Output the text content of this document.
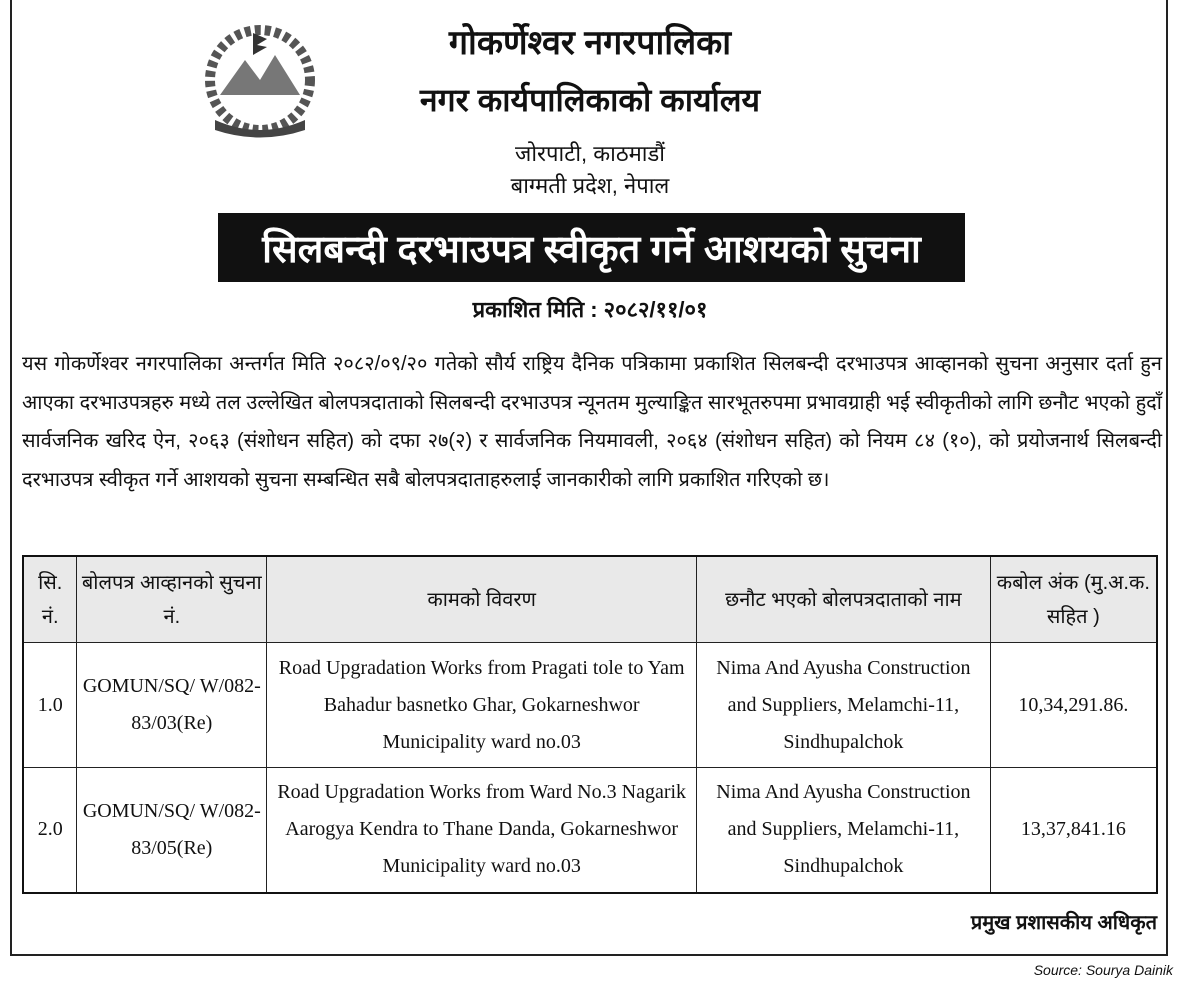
गोकर्णेश्वर नगरपालिका
नगर कार्यपालिकाको कार्यालय
जोरपाटी, काठमाडौं
बाग्मती प्रदेश, नेपाल
सिलबन्दी दरभाउपत्र स्वीकृत गर्ने आशयको सुचना
प्रकाशित मिति : २०८२/११/०१
यस गोकर्णेश्वर नगरपालिका अन्तर्गत मिति २०८२/०९/२० गतेको सौर्य राष्ट्रिय दैनिक पत्रिकामा प्रकाशित सिलबन्दी दरभाउपत्र आव्हानको सुचना अनुसार दर्ता हुन आएका दरभाउपत्रहरु मध्ये तल उल्लेखित बोलपत्रदाताको सिलबन्दी दरभाउपत्र न्यूनतम मुल्याङ्कित सारभूतरुपमा प्रभावग्राही भई स्वीकृतीको लागि छनौट भएको हुदाँ सार्वजनिक खरिद ऐन, २०६३ (संशोधन सहित) को दफा २७(२) र सार्वजनिक नियमावली, २०६४ (संशोधन सहित) को नियम ८४ (१०), को प्रयोजनार्थ सिलबन्दी दरभाउपत्र स्वीकृत गर्ने आशयको सुचना सम्बन्धित सबै बोलपत्रदाताहरुलाई जानकारीको लागि प्रकाशित गरिएको छ।
सि. नं.	बोलपत्र आव्हानको सुचना नं.	कामको विवरण	छनौट भएको बोलपत्रदाताको नाम	कबोल अंक (मु.अ.क. सहित )
1.0	GOMUN/SQ/ W/082-83/03(Re)	Road Upgradation Works from Pragati tole to Yam Bahadur basnetko Ghar, Gokarneshwor Municipality ward no.03	Nima And Ayusha Construction and Suppliers, Melamchi-11, Sindhupalchok	10,34,291.86.
2.0	GOMUN/SQ/ W/082-83/05(Re)	Road Upgradation Works from Ward No.3 Nagarik Aarogya Kendra to Thane Danda, Gokarneshwor Municipality ward no.03	Nima And Ayusha Construction and Suppliers, Melamchi-11, Sindhupalchok	13,37,841.16
प्रमुख प्रशासकीय अधिकृत
Source: Sourya Dainik
